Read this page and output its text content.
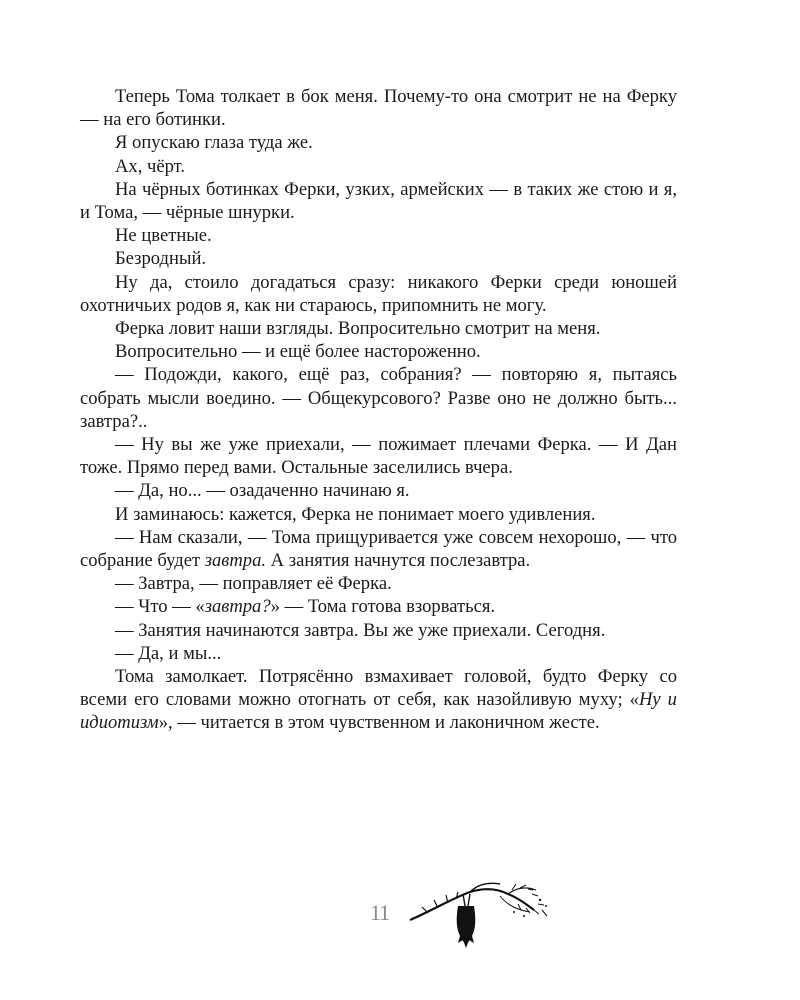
Теперь Тома толкает в бок меня. Почему-то она смотрит не на Ферку — на его ботинки.

Я опускаю глаза туда же.

Ах, чёрт.

На чёрных ботинках Ферки, узких, армейских — в таких же стою и я, и Тома, — чёрные шнурки.

Не цветные.

Безродный.

Ну да, стоило догадаться сразу: никакого Ферки среди юношей охотничьих родов я, как ни стараюсь, припомнить не могу.

Ферка ловит наши взгляды. Вопросительно смотрит на меня.

Вопросительно — и ещё более настороженно.

— Подожди, какого, ещё раз, собрания? — повторяю я, пытаясь собрать мысли воедино. — Общекурсового? Разве оно не должно быть... завтра?..

— Ну вы же уже приехали, — пожимает плечами Ферка. — И Дан тоже. Прямо перед вами. Остальные заселились вчера.

— Да, но... — озадаченно начинаю я.

И заминаюсь: кажется, Ферка не понимает моего удивления.

— Нам сказали, — Тома прищуривается уже совсем нехорошо, — что собрание будет завтра. А занятия начнутся послезавтра.

— Завтра, — поправляет её Ферка.

— Что — «завтра?» — Тома готова взорваться.

— Занятия начинаются завтра. Вы же уже приехали. Сегодня.

— Да, и мы...

Тома замолкает. Потрясённо взмахивает головой, будто Ферку со всеми его словами можно отогнать от себя, как назойливую муху; «Ну и идиотизм», — читается в этом чувственном и лаконичном жесте.

11
